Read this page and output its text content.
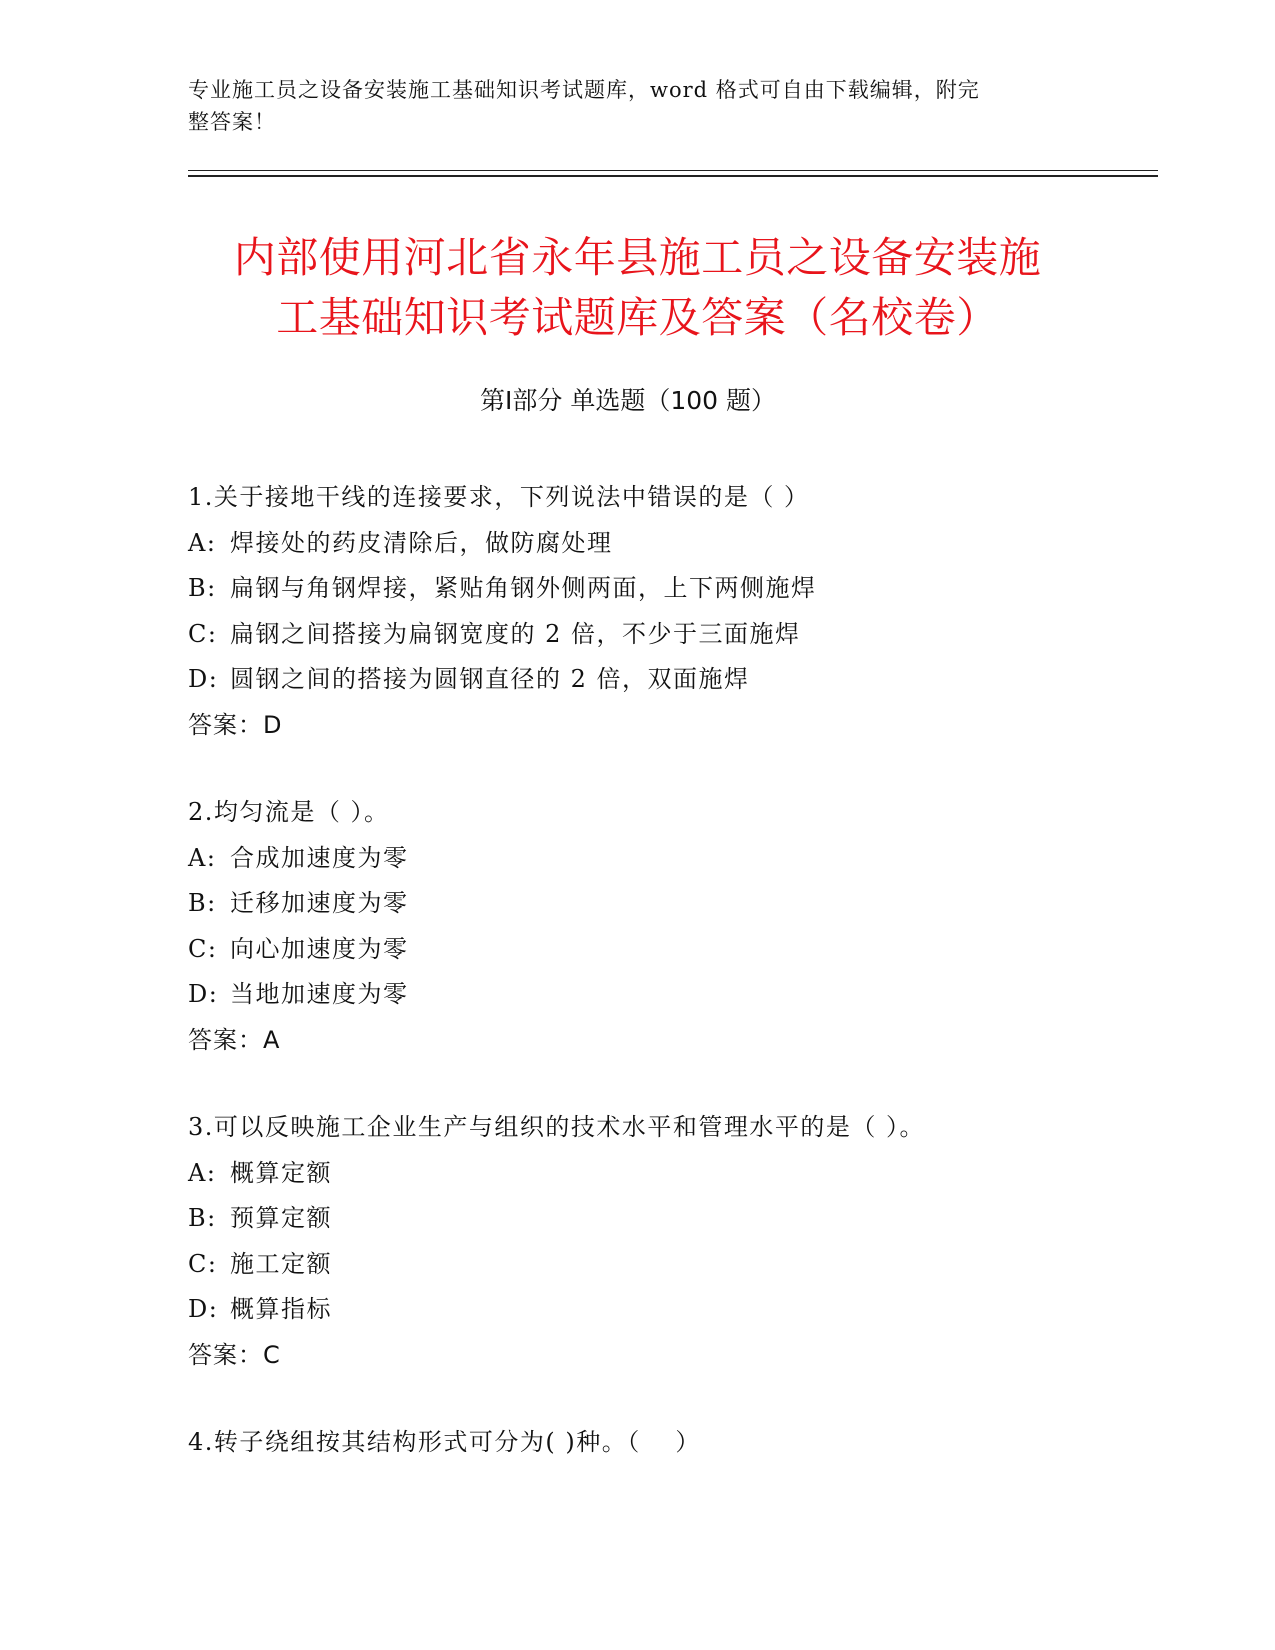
专业施工员之设备安装施工基础知识考试题库，word 格式可自由下载编辑，附完
整答案！
内部使用河北省永年县施工员之设备安装施
工基础知识考试题库及答案（名校卷）
第Ⅰ部分 单选题（100 题）
1.关于接地干线的连接要求，下列说法中错误的是（ ）
A: 焊接处的药皮清除后，做防腐处理
B: 扁钢与角钢焊接，紧贴角钢外侧两面，上下两侧施焊
C: 扁钢之间搭接为扁钢宽度的 2 倍，不少于三面施焊
D: 圆钢之间的搭接为圆钢直径的 2 倍，双面施焊
答案：D
2.均匀流是（ ）。
A: 合成加速度为零
B: 迁移加速度为零
C: 向心加速度为零
D: 当地加速度为零
答案：A
3.可以反映施工企业生产与组织的技术水平和管理水平的是（ ）。
A: 概算定额
B: 预算定额
C: 施工定额
D: 概算指标
答案：C
4.转子绕组按其结构形式可分为( )种。（　 ）
